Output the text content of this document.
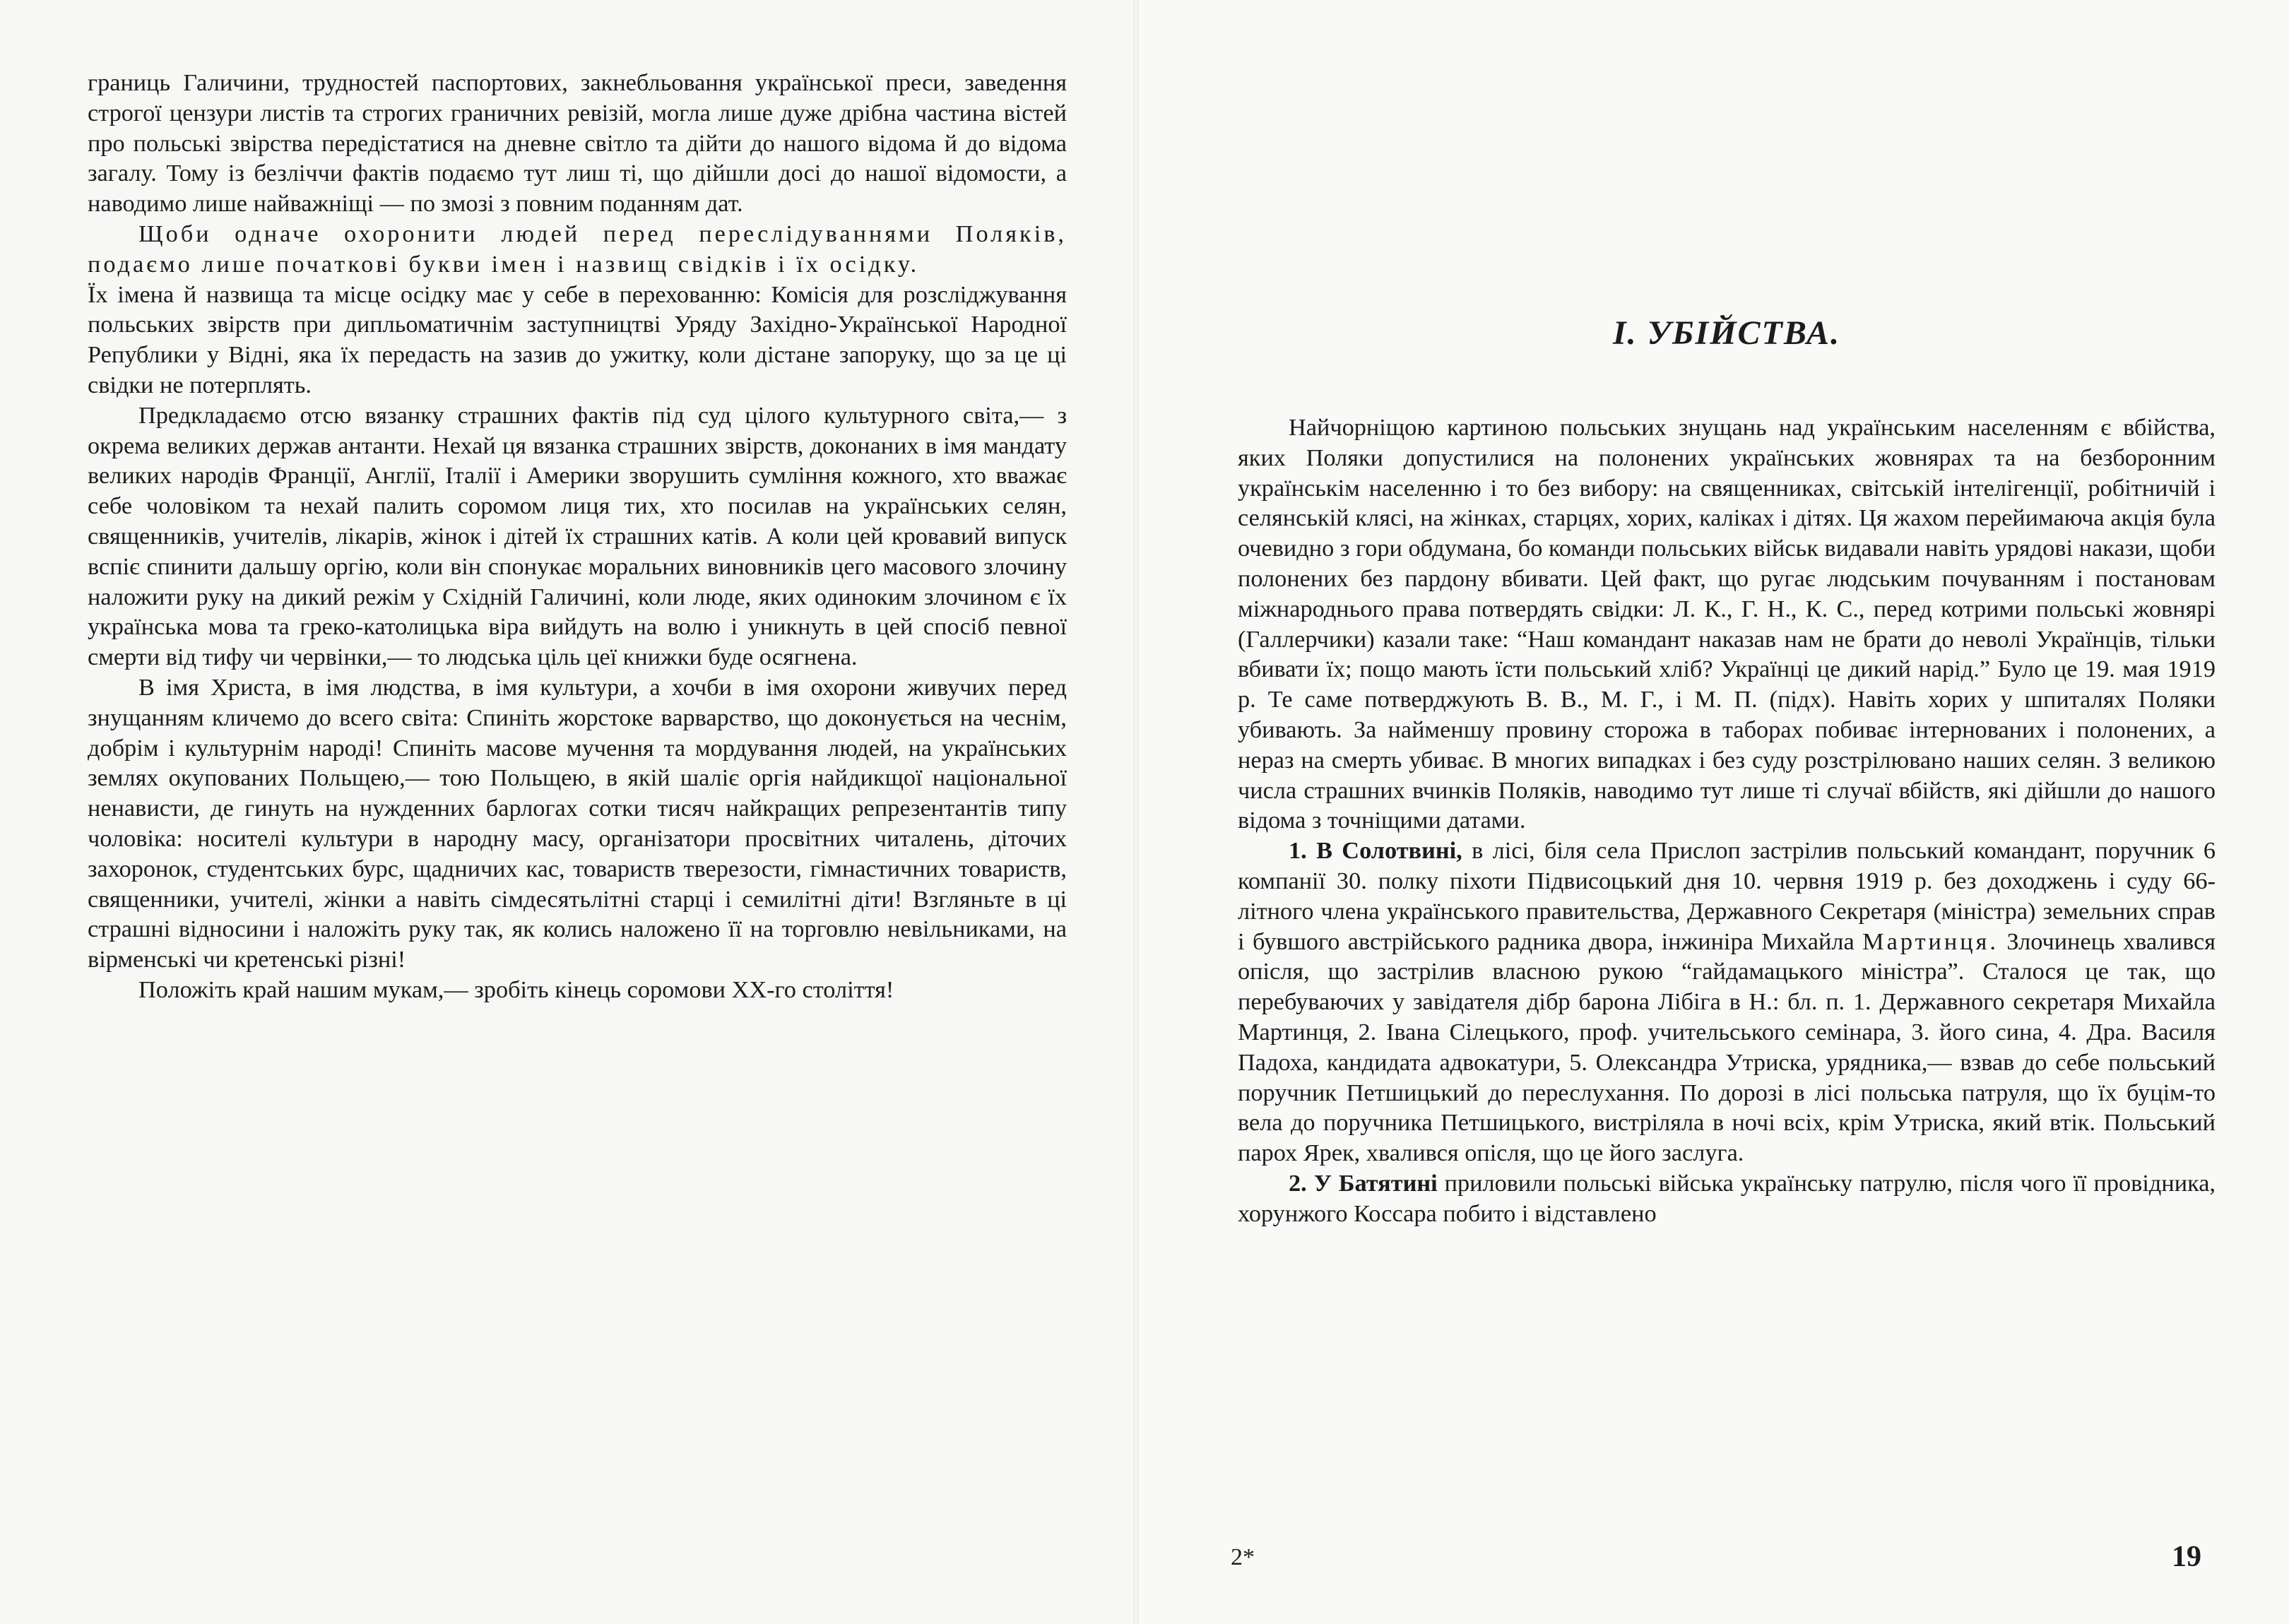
границь Галичини, трудностей паспортових, закнебльовання української преси, заведення строгої цензури листів та строгих граничних ревізій, могла лише дуже дрібна частина вістей про польські звірства передістатися на дневне світло та дійти до нашого відома й до відома загалу. Тому із безліччи фактів подаємо тут лиш ті, що дійшли досі до нашої відомости, а наводимо лише найважніщі — по змозі з повним поданням дат.

Щоби одначе охоронити людей перед переслідуваннями Поляків, подаємо лише початкові букви імен і назвищ свідків і їх осідку.

Їх імена й назвища та місце осідку має у себе в перехованню: Комісія для розсліджування польських звірств при дипльоматичнім заступництві Уряду Західно-Української Народної Републики у Відні, яка їх передасть на зазив до ужитку, коли дістане запоруку, що за це ці свідки не потерплять.

Предкладаємо отсю вязанку страшних фактів під суд цілого культурного світа,— з окрема великих держав антанти. Нехай ця вязанка страшних звірств, доконаних в імя мандату великих народів Франції, Англії, Італії і Америки зворушить сумління кожного, хто вважає себе чоловіком та нехай палить соромом лиця тих, хто посилав на українських селян, священників, учителів, лікарів, жінок і дітей їх страшних катів. А коли цей кровавий випуск вспіє спинити дальшу оргію, коли він спонукає моральних виновників цего масового злочину наложити руку на дикий режім у Східній Галичині, коли люде, яких одиноким злочином є їх українська мова та греко-католицька віра вийдуть на волю і уникнуть в цей спосіб певної смерти від тифу чи червінки,— то людська ціль цеї книжки буде осягнена.

В імя Христа, в імя людства, в імя культури, а хочби в імя охорони живучих перед знущанням кличемо до всего світа: Спиніть жорстоке варварство, що доконується на чеснім, добрім і культурнім народі! Спиніть масове мучення та мордування людей, на українських землях окупованих Польщею,— тою Польщею, в якій шаліє оргія найдикщої національної ненависти, де гинуть на нужденних барлогах сотки тисяч найкращих репрезентантів типу чоловіка: носителі культури в народну масу, організатори просвітних читалень, діточих захоронок, студентських бурс, щадничих кас, товариств тверезости, гімнастичних товариств, священники, учителі, жінки а навіть сімдесятьлітні старці і семилітні діти! Взгляньте в ці страшні відносини і наложіть руку так, як колись наложено її на торговлю невільниками, на вірменські чи кретенські різні!

Положіть край нашим мукам,— зробіть кінець соромови XX-го століття!

І. УБІЙСТВА.

Найчорніщою картиною польських знущань над українським населенням є вбійства, яких Поляки допустилися на полонених українських жовнярах та на безборонним українськім населенню і то без вибору: на священниках, світській інтелігенції, робітничій і селянській клясі, на жінках, старцях, хорих, каліках і дітях. Ця жахом перейимаюча акція була очевидно з гори обдумана, бо команди польських військ видавали навіть урядові накази, щоби полонених без пардону вбивати. Цей факт, що ругає людським почуванням і постановам міжнароднього права потвердять свідки: Л. К., Г. Н., К. С., перед котрими польські жовнярі (Галлерчики) казали таке: “Наш командант наказав нам не брати до неволі Українців, тільки вбивати їх; пощо мають їсти польський хліб? Українці це дикий нарід.” Було це 19. мая 1919 р. Те саме потверджують В. В., М. Г., і М. П. (підх). Навіть хорих у шпиталях Поляки убивають. За найменшу провину сторожа в таборах побиває інтернованих і полонених, а нераз на смерть убиває. В многих випадках і без суду розстрілювано наших селян. З великою числа страшних вчинків Поляків, наводимо тут лише ті случаї вбійств, які дійшли до нашого відома з точніщими датами.

1. В Солотвині, в лісі, біля села Прислоп застрілив польський командант, поручник 6 компанії 30. полку піхоти Підвисоцький дня 10. червня 1919 р. без доходжень і суду 66-літного члена українського правительства, Державного Секретаря (міністра) земельних справ і бувшого австрійського радника двора, інжиніра Михайла Мартинця. Злочинець хвалився опісля, що застрілив власною рукою “гайдамацького міністра”. Сталося це так, що перебуваючих у завідателя дібр барона Лібіга в Н.: бл. п. 1. Державного секретаря Михайла Мартинця, 2. Івана Сілецького, проф. учительського семінара, 3. його сина, 4. Дра. Василя Падоха, кандидата адвокатури, 5. Олександра Утриска, урядника,— взвав до себе польський поручник Петшицький до переслухання. По дорозі в лісі польська патруля, що їх буцім-то вела до поручника Петшицького, вистріляла в ночі всіх, крім Утриска, який втік. Польський парох Ярек, хвалився опісля, що це його заслуга.

2. У Батятині приловили польські війська українську патрулю, після чого її провідника, хорунжого Коссара побито і відставлено

2*	19
